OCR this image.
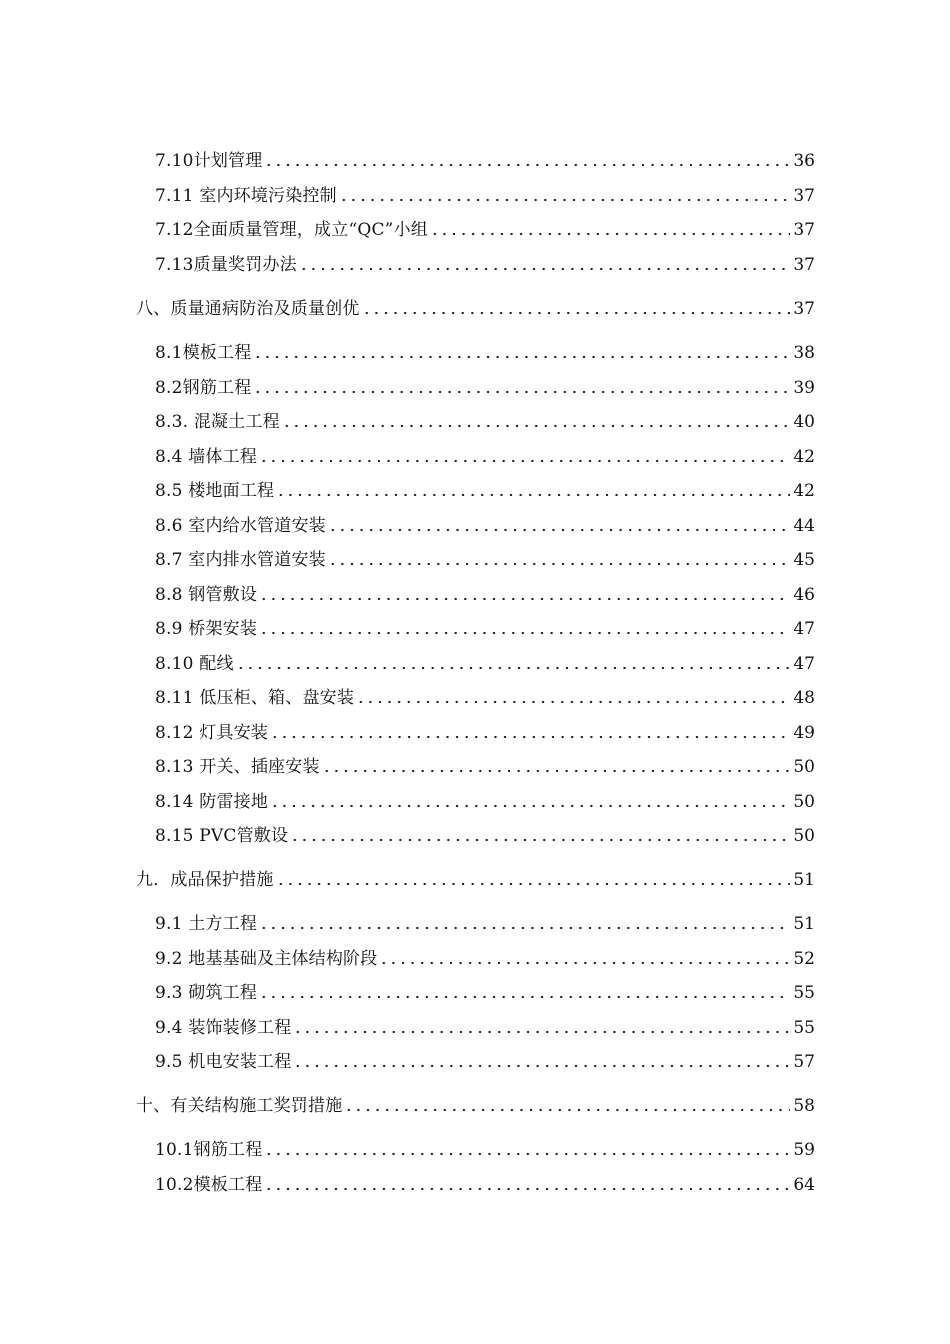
7.10计划管理	36
7.11 室内环境污染控制	37
7.12全面质量管理，成立“QC”小组	37
7.13质量奖罚办法	37
八、质量通病防治及质量创优	37
8.1模板工程	38
8.2钢筋工程	39
8.3. 混凝土工程	40
8.4 墙体工程	42
8.5 楼地面工程	42
8.6 室内给水管道安装	44
8.7 室内排水管道安装	45
8.8 钢管敷设	46
8.9 桥架安装	47
8.10 配线	47
8.11 低压柜、箱、盘安装	48
8.12 灯具安装	49
8.13 开关、插座安装	50
8.14 防雷接地	50
8.15 PVC管敷设	50
九．成品保护措施	51
9.1 土方工程	51
9.2 地基基础及主体结构阶段	52
9.3 砌筑工程	55
9.4 装饰装修工程	55
9.5 机电安装工程	57
十、有关结构施工奖罚措施	58
10.1钢筋工程	59
10.2模板工程	64
